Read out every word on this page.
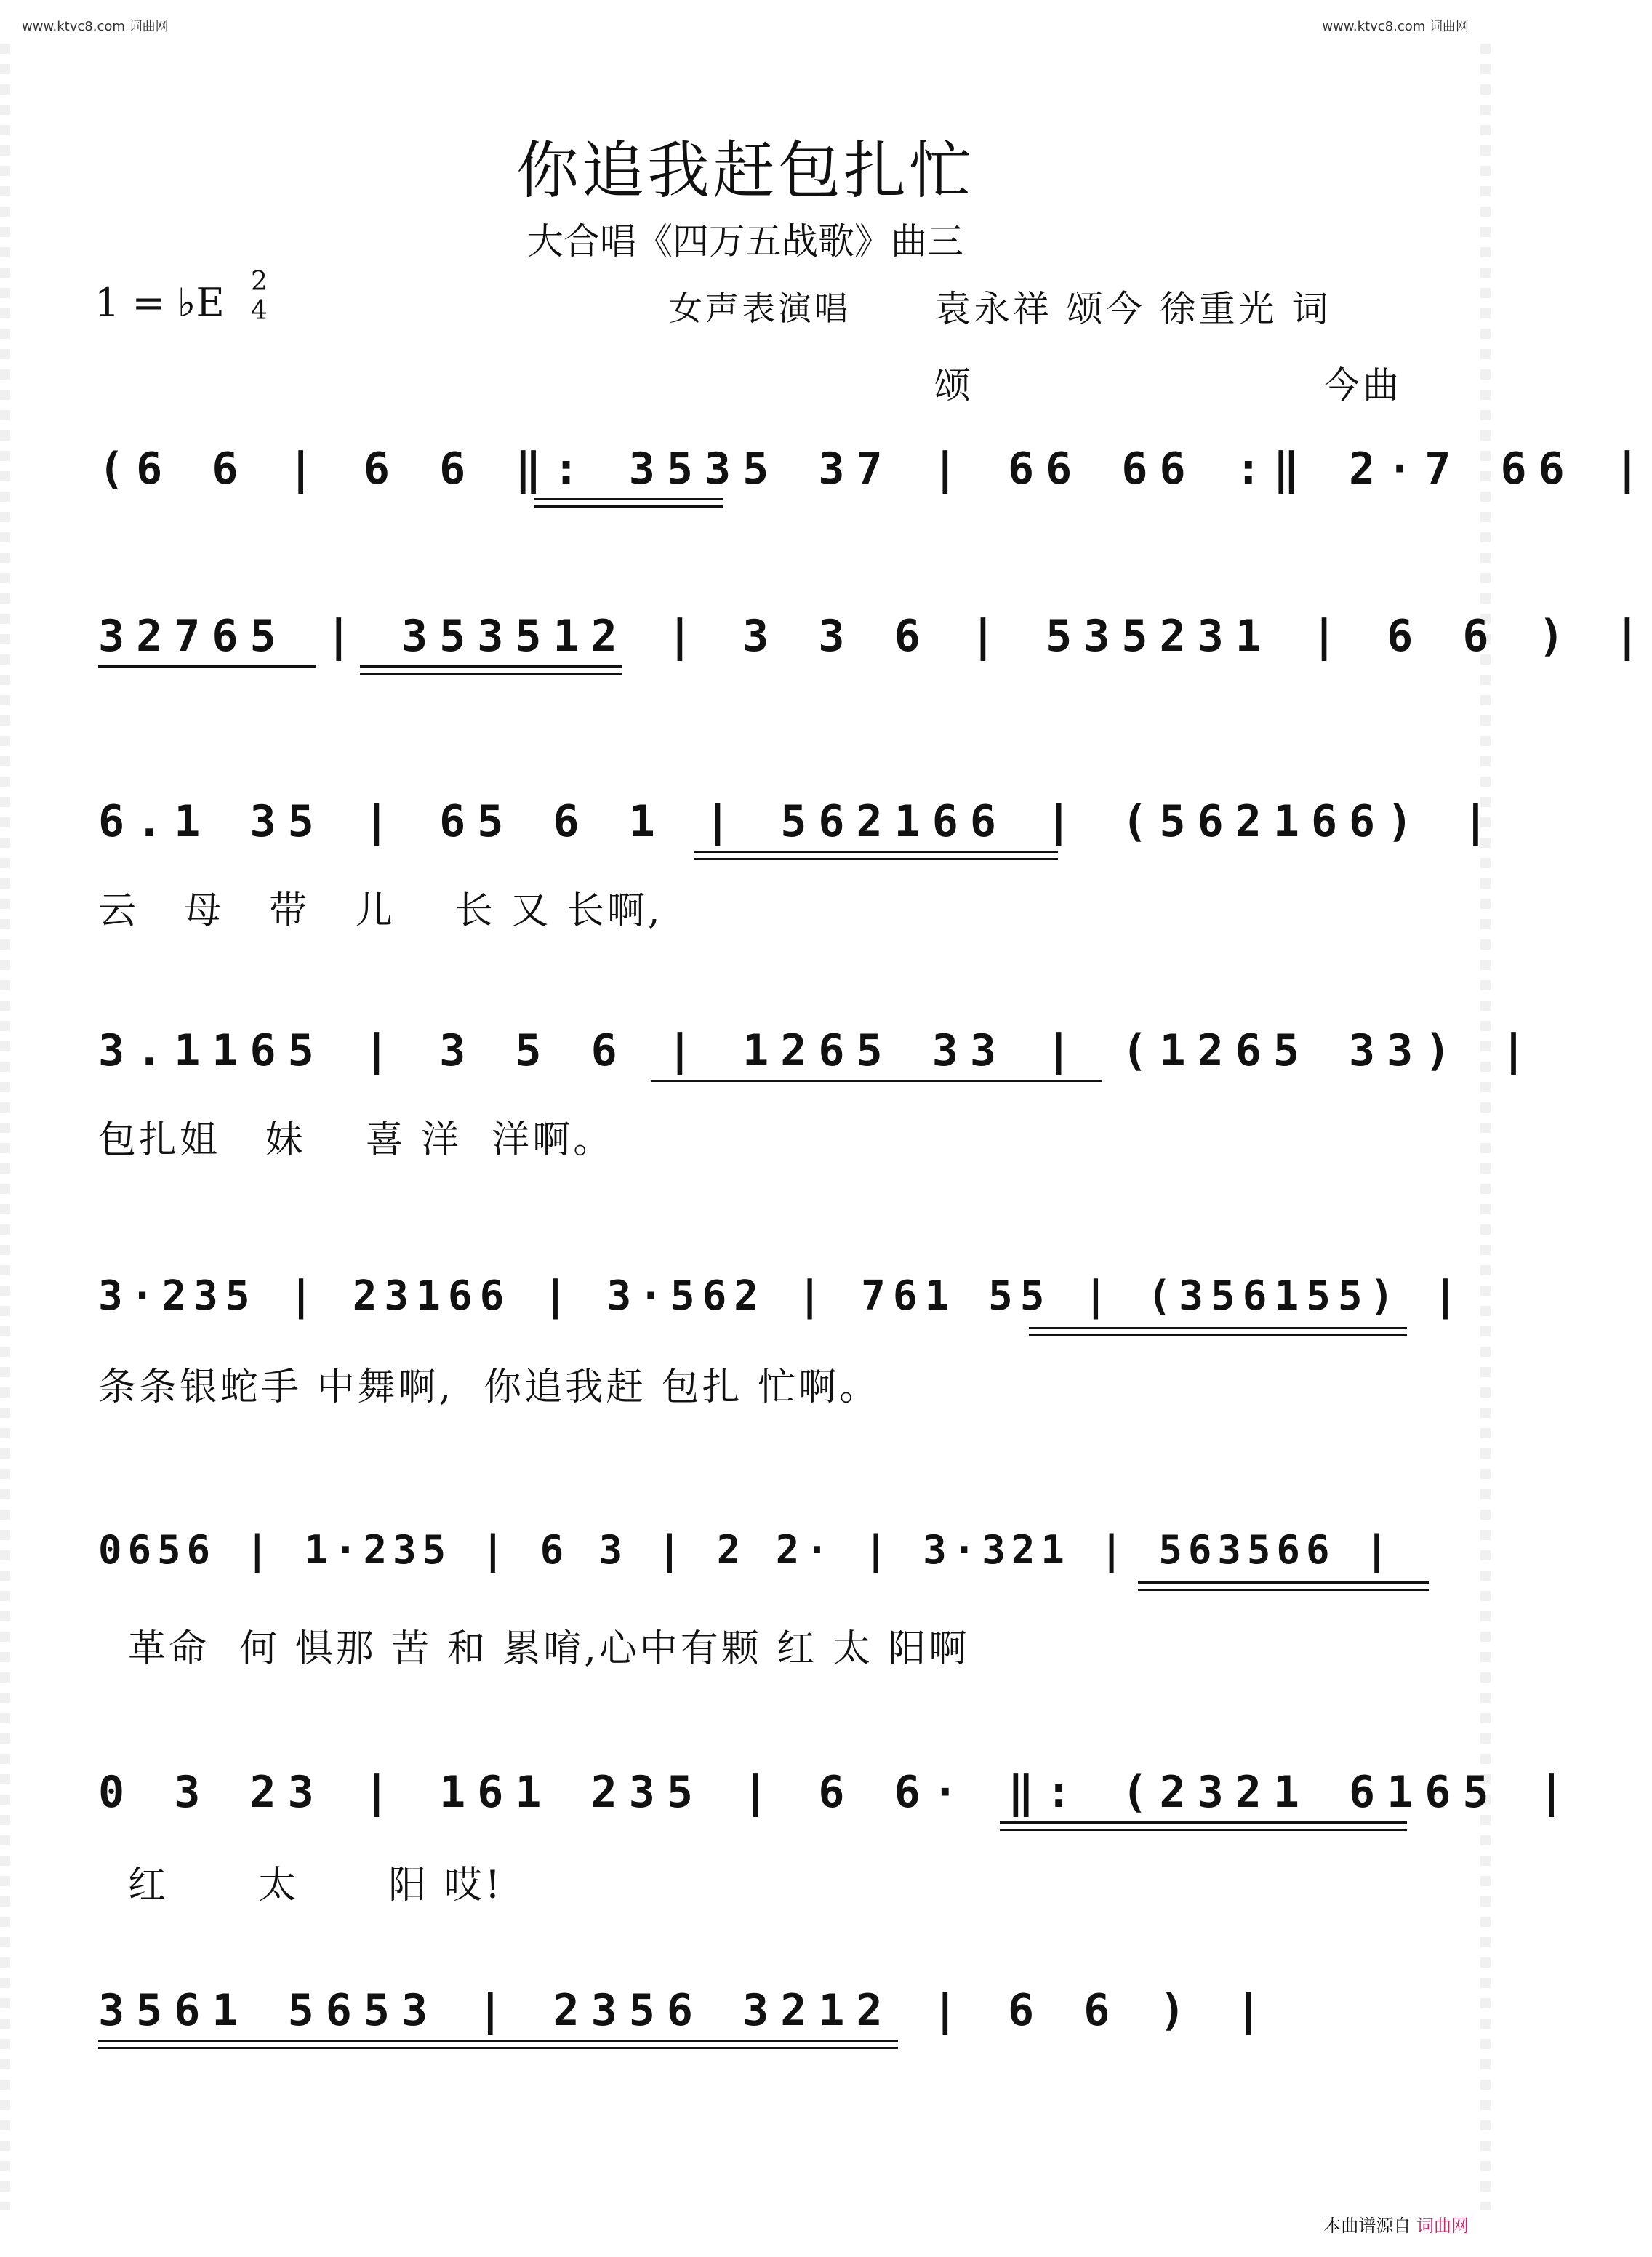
www.ktvc8.com 词曲网	www.ktvc8.com 词曲网
你追我赶包扎忙
大合唱《四万五战歌》曲三
1 = ♭E 2
4	女声表演唱 袁永祥 颂今 徐重光 词
颂	今曲
(6 6 | 6 6 ‖: 3535 37 | 66 66 :‖ 2·7 66 |
32765 | 353512 | 3 3 6 | 535231 | 6 6 ) |
6.1 35 | 65 6 1 | 562166 | (562166) |
云   母   带   儿    长 又 长啊,
3.1165 | 3 5 6 | 1265 33 | (1265 33) |
包扎姐   妹    喜 洋  洋啊。
3·235 | 23166 | 3·562 | 761 55 | (356155) |
条条银蛇手 中舞啊,  你追我赶 包扎 忙啊。
0656 | 1·235 | 6 3 | 2 2· | 3·321 | 563566 |
革命  何 惧那 苦 和 累唷,心中有颗 红 太 阳啊
0 3 23 | 161 235 | 6 6· ‖: (2321 6165 |
红      太      阳 哎!
3561 5653 | 2356 3212 | 6 6 ) |
本曲谱源自 词曲网
